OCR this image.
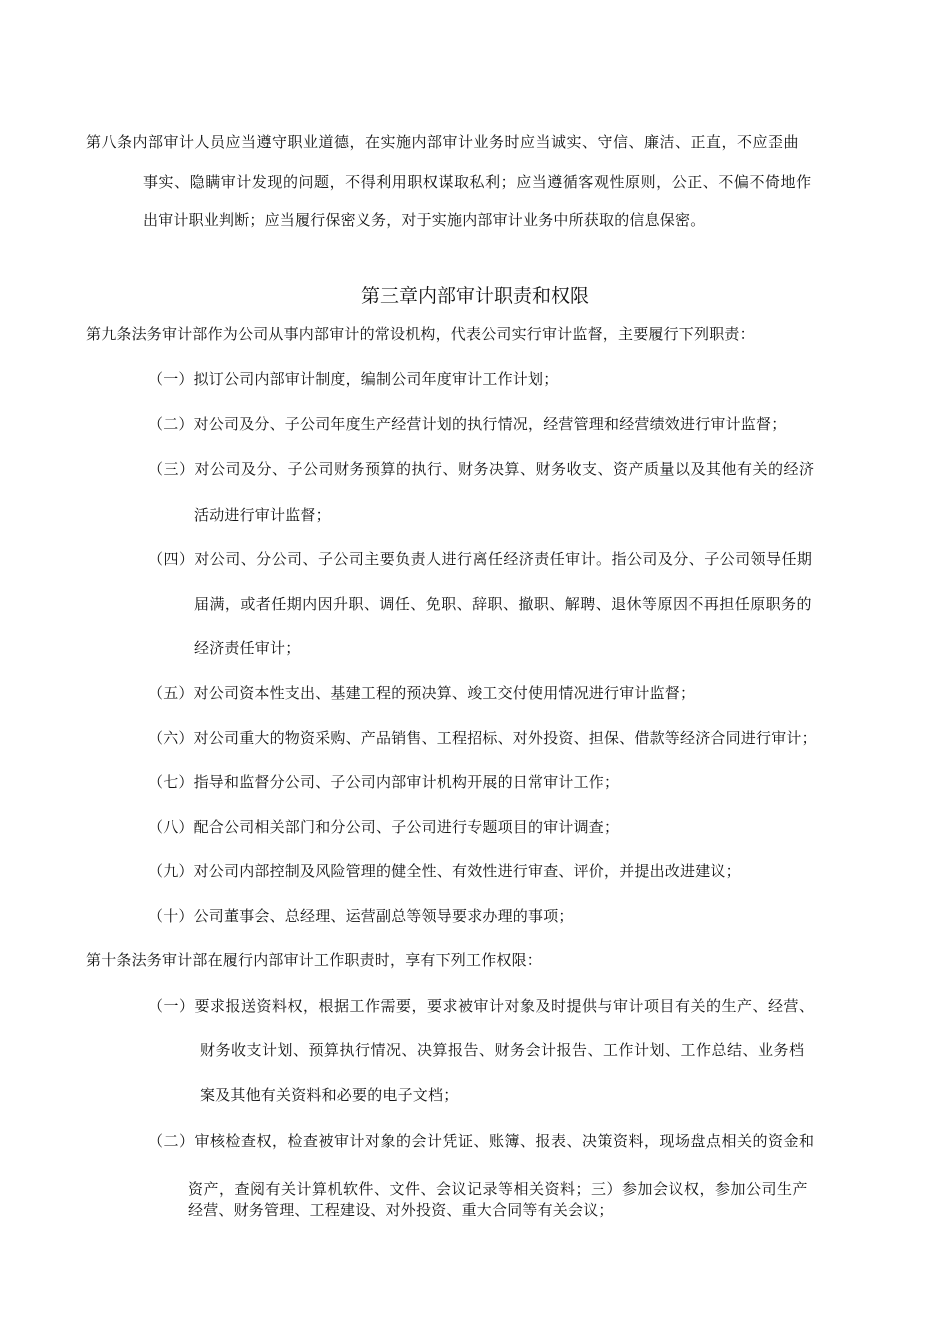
第八条内部审计人员应当遵守职业道德，在实施内部审计业务时应当诚实、守信、廉洁、正直，不应歪曲
事实、隐瞒审计发现的问题，不得利用职权谋取私利；应当遵循客观性原则，公正、不偏不倚地作
出审计职业判断；应当履行保密义务，对于实施内部审计业务中所获取的信息保密。
第三章内部审计职责和权限
第九条法务审计部作为公司从事内部审计的常设机构，代表公司实行审计监督，主要履行下列职责：
（一）拟订公司内部审计制度，编制公司年度审计工作计划；
（二）对公司及分、子公司年度生产经营计划的执行情况，经营管理和经营绩效进行审计监督；
（三）对公司及分、子公司财务预算的执行、财务决算、财务收支、资产质量以及其他有关的经济
活动进行审计监督；
（四）对公司、分公司、子公司主要负责人进行离任经济责任审计。指公司及分、子公司领导任期
届满，或者任期内因升职、调任、免职、辞职、撤职、解聘、退休等原因不再担任原职务的
经济责任审计；
（五）对公司资本性支出、基建工程的预决算、竣工交付使用情况进行审计监督；
（六）对公司重大的物资采购、产品销售、工程招标、对外投资、担保、借款等经济合同进行审计；
（七）指导和监督分公司、子公司内部审计机构开展的日常审计工作；
（八）配合公司相关部门和分公司、子公司进行专题项目的审计调查；
（九）对公司内部控制及风险管理的健全性、有效性进行审查、评价，并提出改进建议；
（十）公司董事会、总经理、运营副总等领导要求办理的事项；
第十条法务审计部在履行内部审计工作职责时，享有下列工作权限：
（一）要求报送资料权，根据工作需要，要求被审计对象及时提供与审计项目有关的生产、经营、
财务收支计划、预算执行情况、决算报告、财务会计报告、工作计划、工作总结、业务档
案及其他有关资料和必要的电子文档；
（二）审核检查权，检查被审计对象的会计凭证、账簿、报表、决策资料，现场盘点相关的资金和
资产，查阅有关计算机软件、文件、会议记录等相关资料；三）参加会议权，参加公司生产
经营、财务管理、工程建设、对外投资、重大合同等有关会议；
